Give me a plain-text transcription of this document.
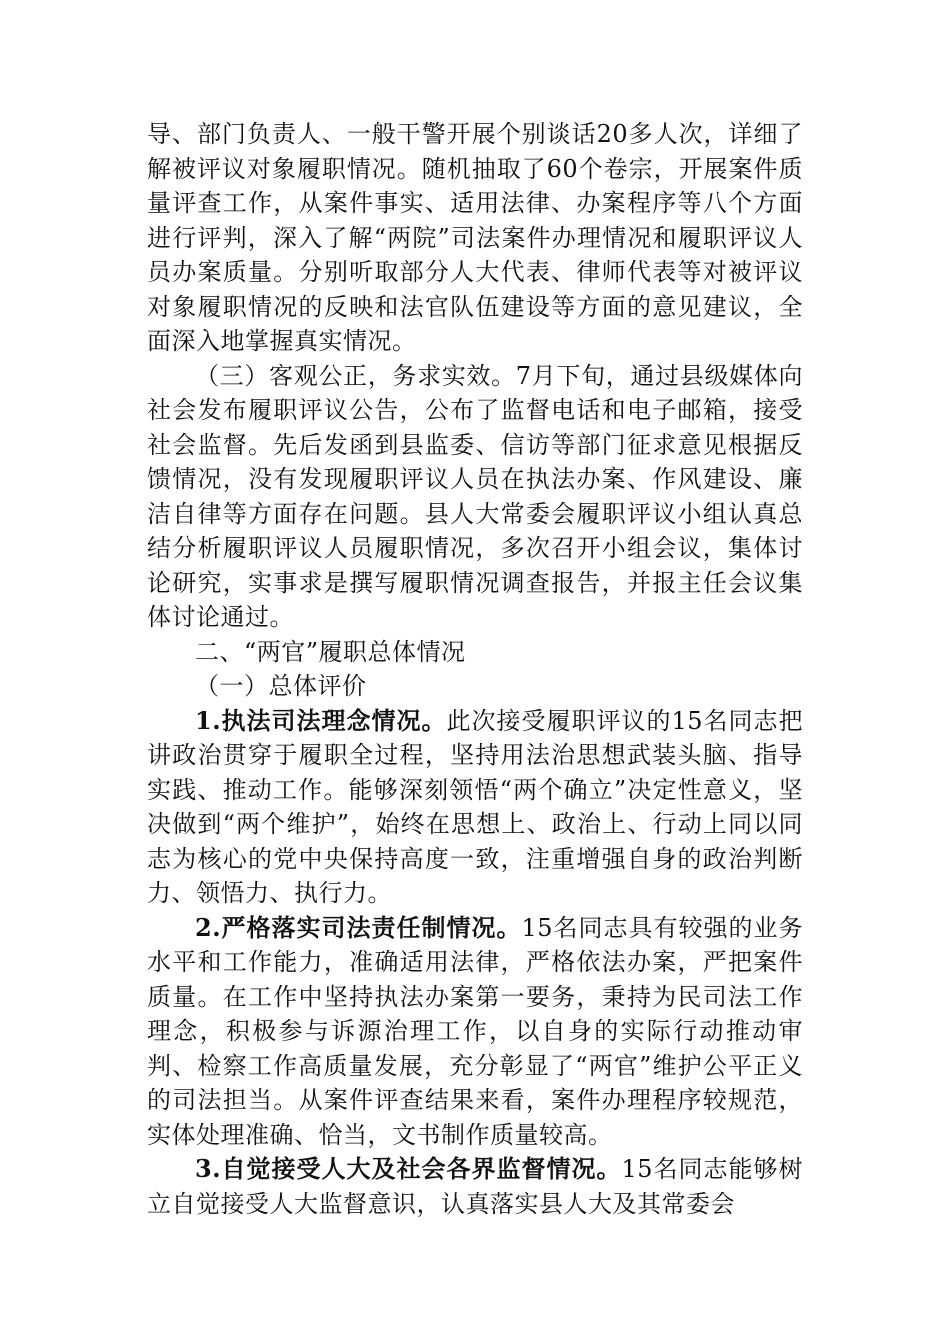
导、部门负责人、一般干警开展个别谈话20多人次，详细了解被评议对象履职情况。随机抽取了60个卷宗，开展案件质量评查工作，从案件事实、适用法律、办案程序等八个方面进行评判，深入了解“两院”司法案件办理情况和履职评议人员办案质量。分别听取部分人大代表、律师代表等对被评议对象履职情况的反映和法官队伍建设等方面的意见建议，全面深入地掌握真实情况。

（三）客观公正，务求实效。7月下旬，通过县级媒体向社会发布履职评议公告，公布了监督电话和电子邮箱，接受社会监督。先后发函到县监委、信访等部门征求意见根据反馈情况，没有发现履职评议人员在执法办案、作风建设、廉洁自律等方面存在问题。县人大常委会履职评议小组认真总结分析履职评议人员履职情况，多次召开小组会议，集体讨论研究，实事求是撰写履职情况调查报告，并报主任会议集体讨论通过。

二、“两官”履职总体情况

（一）总体评价

1.执法司法理念情况。此次接受履职评议的15名同志把讲政治贯穿于履职全过程，坚持用法治思想武装头脑、指导实践、推动工作。能够深刻领悟“两个确立”决定性意义，坚决做到“两个维护”，始终在思想上、政治上、行动上同以同志为核心的党中央保持高度一致，注重增强自身的政治判断力、领悟力、执行力。

2.严格落实司法责任制情况。15名同志具有较强的业务水平和工作能力，准确适用法律，严格依法办案，严把案件质量。在工作中坚持执法办案第一要务，秉持为民司法工作理念，积极参与诉源治理工作，以自身的实际行动推动审判、检察工作高质量发展，充分彰显了“两官”维护公平正义的司法担当。从案件评查结果来看，案件办理程序较规范，实体处理准确、恰当，文书制作质量较高。

3.自觉接受人大及社会各界监督情况。15名同志能够树立自觉接受人大监督意识，认真落实县人大及其常委会
